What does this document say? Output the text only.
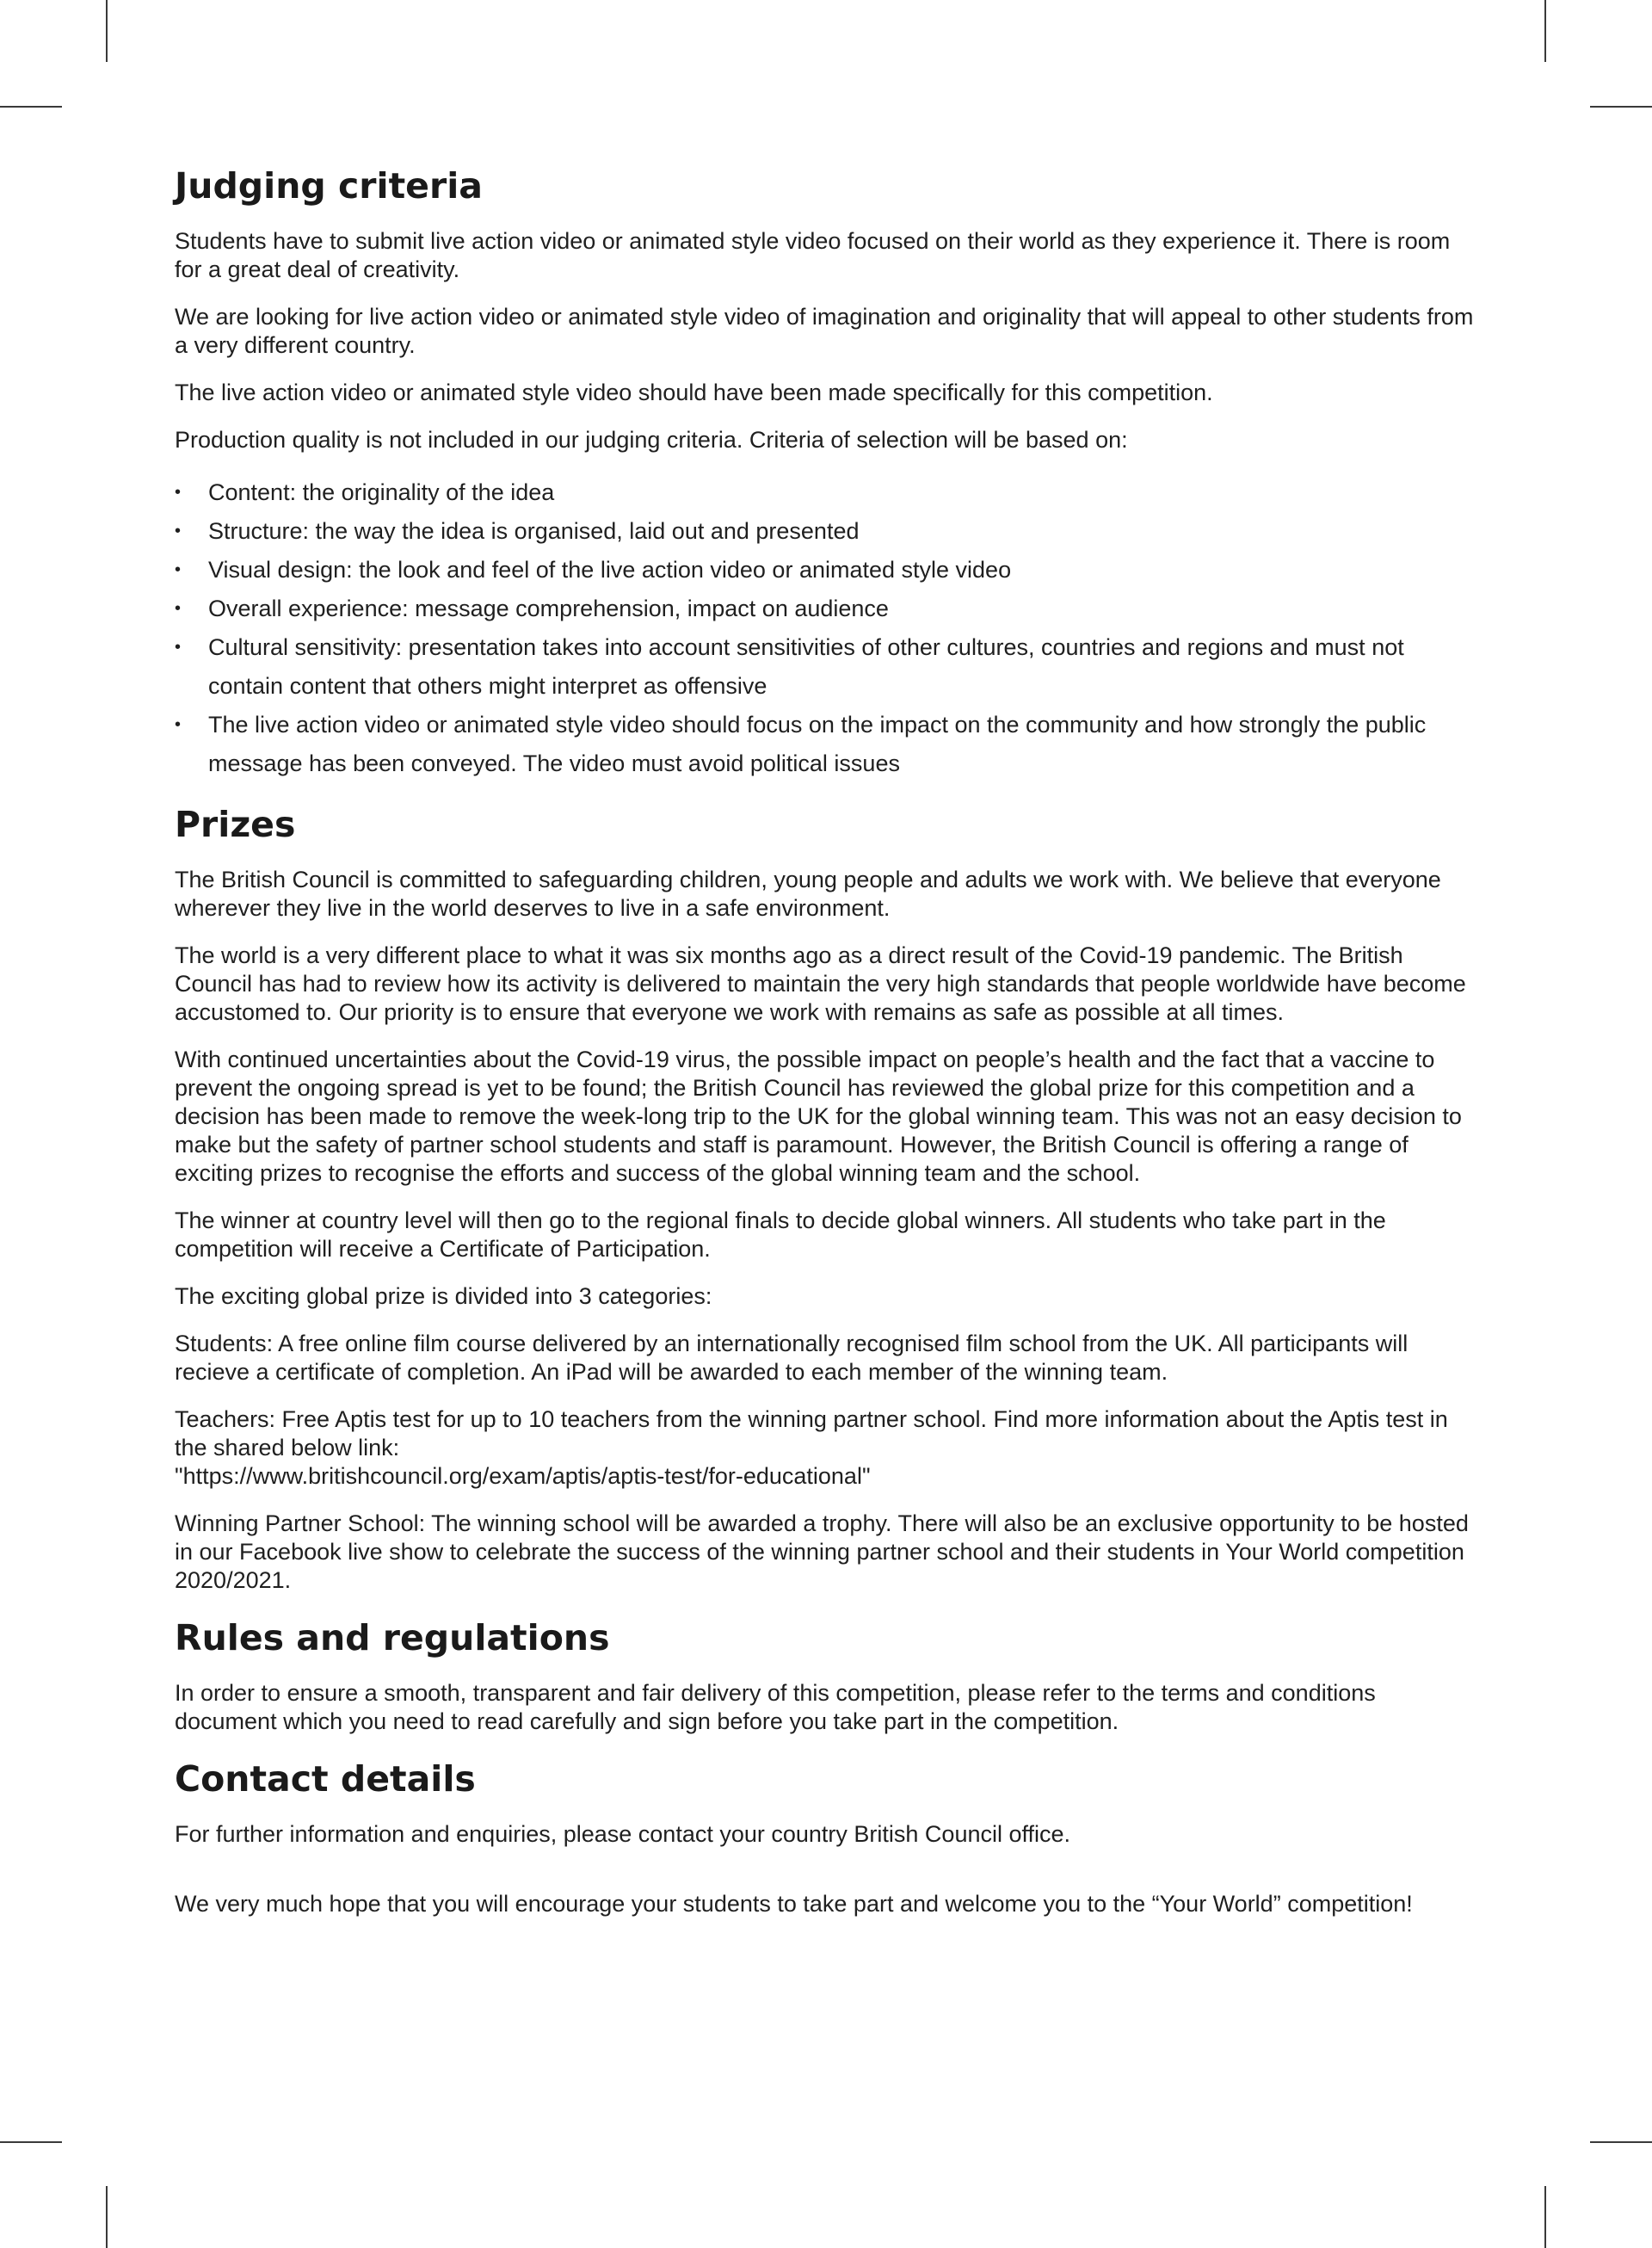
Judging criteria

Students have to submit live action video or animated style video focused on their world as they experience it. There is room for a great deal of creativity.

We are looking for live action video or animated style video of imagination and originality that will appeal to other students from a very different country.

The live action video or animated style video should have been made specifically for this competition.

Production quality is not included in our judging criteria. Criteria of selection will be based on:

• Content: the originality of the idea
• Structure: the way the idea is organised, laid out and presented
• Visual design: the look and feel of the live action video or animated style video
• Overall experience: message comprehension, impact on audience
• Cultural sensitivity: presentation takes into account sensitivities of other cultures, countries and regions and must not contain content that others might interpret as offensive
• The live action video or animated style video should focus on the impact on the community and how strongly the public message has been conveyed. The video must avoid political issues
Prizes

The British Council is committed to safeguarding children, young people and adults we work with. We believe that everyone wherever they live in the world deserves to live in a safe environment.

The world is a very different place to what it was six months ago as a direct result of the Covid-19 pandemic. The British Council has had to review how its activity is delivered to maintain the very high standards that people worldwide have become accustomed to. Our priority is to ensure that everyone we work with remains as safe as possible at all times.

With continued uncertainties about the Covid-19 virus, the possible impact on people’s health and the fact that a vaccine to prevent the ongoing spread is yet to be found; the British Council has reviewed the global prize for this competition and a decision has been made to remove the week-long trip to the UK for the global winning team. This was not an easy decision to make but the safety of partner school students and staff is paramount. However, the British Council is offering a range of exciting prizes to recognise the efforts and success of the global winning team and the school.

The winner at country level will then go to the regional finals to decide global winners. All students who take part in the competition will receive a Certificate of Participation.

The exciting global prize is divided into 3 categories:

Students: A free online film course delivered by an internationally recognised film school from the UK. All participants will recieve a certificate of completion. An iPad will be awarded to each member of the winning team.

Teachers: Free Aptis test for up to 10 teachers from the winning partner school. Find more information about the Aptis test in the shared below link:
"https://www.britishcouncil.org/exam/aptis/aptis-test/for-educational"

Winning Partner School: The winning school will be awarded a trophy. There will also be an exclusive opportunity to be hosted in our Facebook live show to celebrate the success of the winning partner school and their students in Your World competition 2020/2021.

Rules and regulations

In order to ensure a smooth, transparent and fair delivery of this competition, please refer to the terms and conditions document which you need to read carefully and sign before you take part in the competition.

Contact details

For further information and enquiries, please contact your country British Council office.

We very much hope that you will encourage your students to take part and welcome you to the “Your World” competition!
